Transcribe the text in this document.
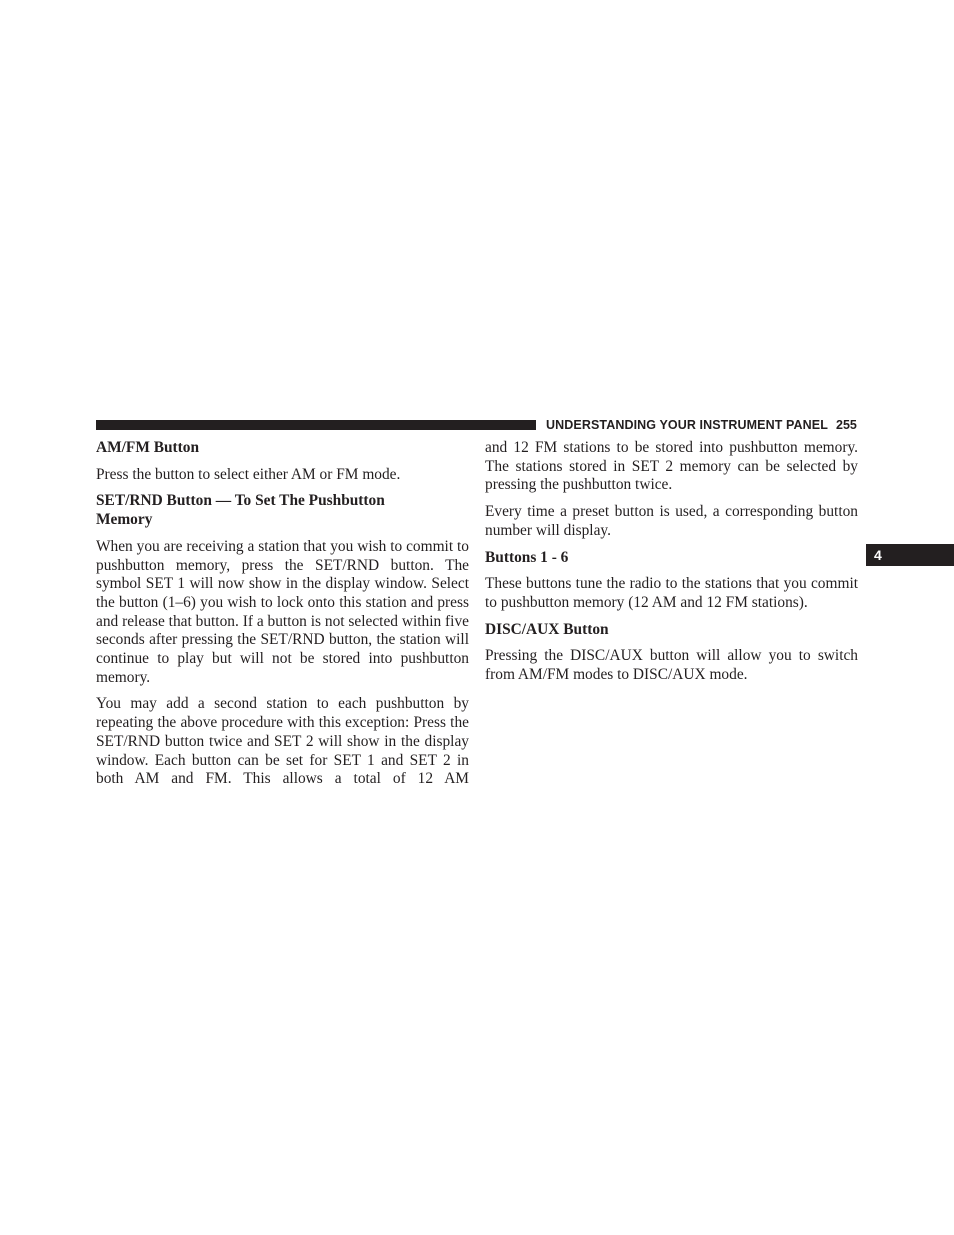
UNDERSTANDING YOUR INSTRUMENT PANEL 255
4
AM/FM Button

Press the button to select either AM or FM mode.

SET/RND Button — To Set The Pushbutton Memory

When you are receiving a station that you wish to commit to pushbutton memory, press the SET/RND button. The symbol SET 1 will now show in the display window. Select the button (1–6) you wish to lock onto this station and press and release that button. If a button is not selected within five seconds after pressing the SET/RND button, the station will continue to play but will not be stored into pushbutton memory.

You may add a second station to each pushbutton by repeating the above procedure with this exception: Press the SET/RND button twice and SET 2 will show in the display window. Each button can be set for SET 1 and SET 2 in both AM and FM. This allows a total of 12 AM

and 12 FM stations to be stored into pushbutton memory. The stations stored in SET 2 memory can be selected by pressing the pushbutton twice.

Every time a preset button is used, a corresponding button number will display.

Buttons 1 - 6

These buttons tune the radio to the stations that you commit to pushbutton memory (12 AM and 12 FM stations).

DISC/AUX Button

Pressing the DISC/AUX button will allow you to switch from AM/FM modes to DISC/AUX mode.
